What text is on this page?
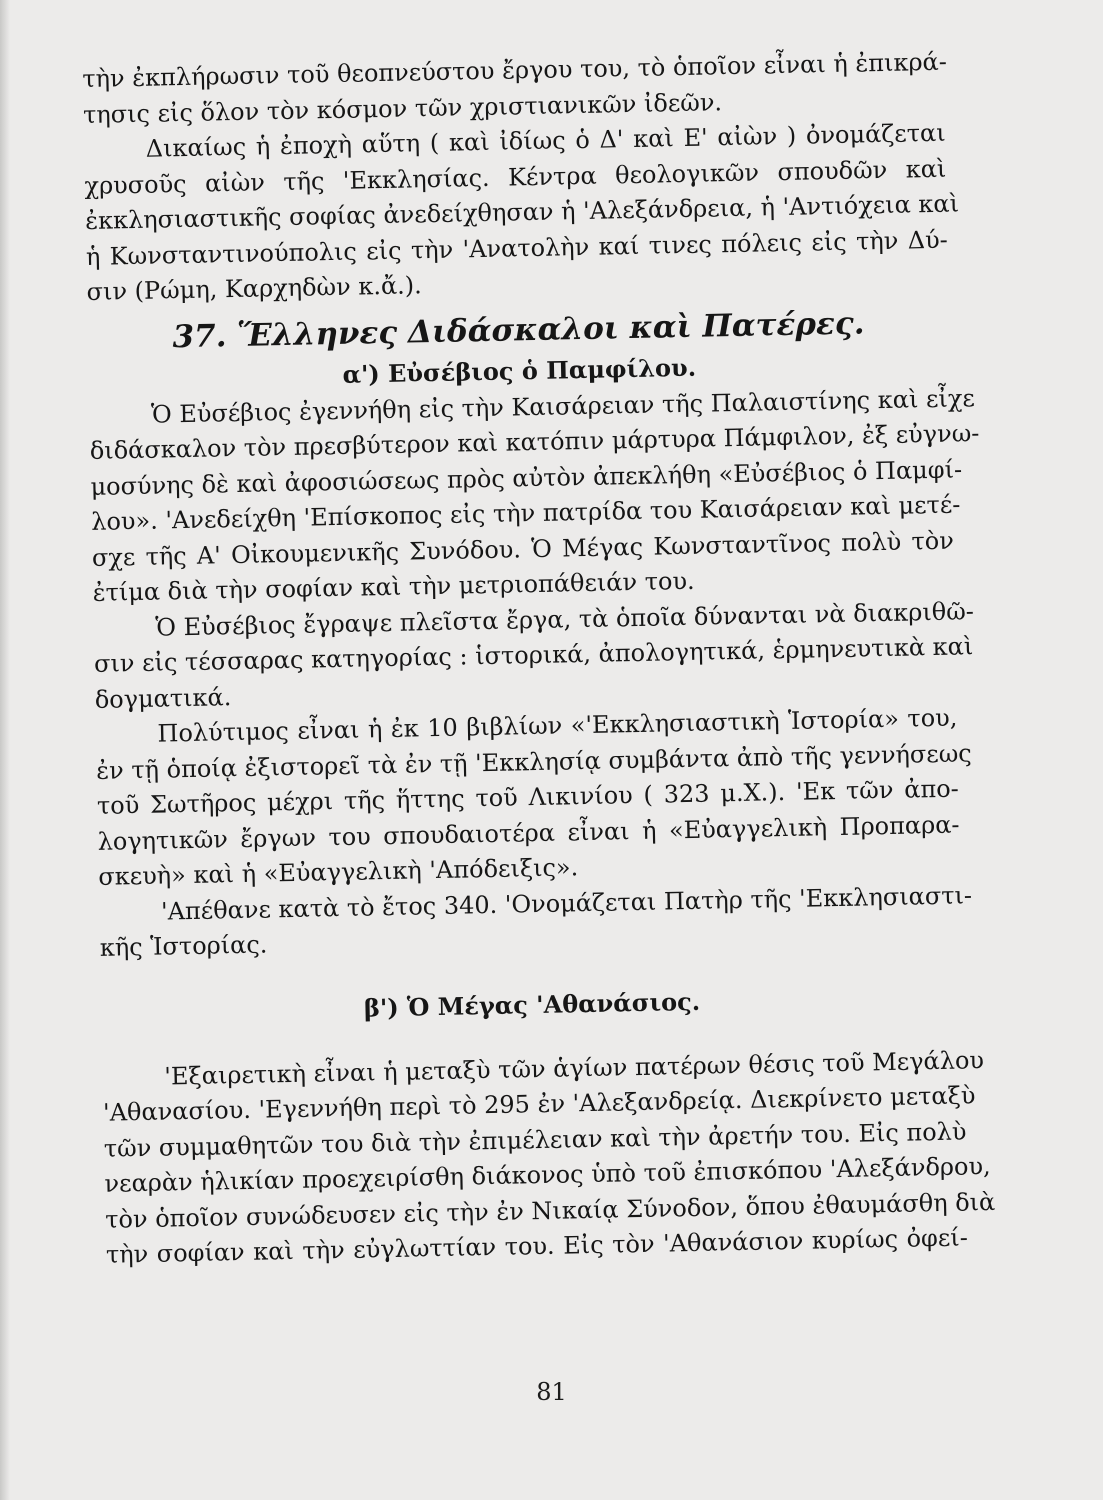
τὴν ἐκπλήρωσιν τοῦ θεοπνεύστου ἔργου του, τὸ ὁποῖον εἶναι ἡ ἐπικρά-
τησις εἰς ὅλον τὸν κόσμον τῶν χριστιανικῶν ἰδεῶν.
Δικαίως ἡ ἐποχὴ αὕτη ( καὶ ἰδίως ὁ Δ' καὶ Ε' αἰὼν ) ὀνομάζεται
χρυσοῦς αἰὼν τῆς 'Εκκλησίας. Κέντρα θεολογικῶν σπουδῶν καὶ
ἐκκλησιαστικῆς σοφίας ἀνεδείχθησαν ἡ 'Αλεξάνδρεια, ἡ 'Αντιόχεια καὶ
ἡ Κωνσταντινούπολις εἰς τὴν 'Ανατολὴν καί τινες πόλεις εἰς τὴν Δύ-
σιν (Ρώμη, Καρχηδὼν κ.ἄ.).
37. Ἕλληνες Διδάσκαλοι καὶ Πατέρες.
α') Εὐσέβιος ὁ Παμφίλου.
Ὁ Εὐσέβιος ἐγεννήθη εἰς τὴν Καισάρειαν τῆς Παλαιστίνης καὶ εἶχε
διδάσκαλον τὸν πρεσβύτερον καὶ κατόπιν μάρτυρα Πάμφιλον, ἐξ εὐγνω-
μοσύνης δὲ καὶ ἀφοσιώσεως πρὸς αὐτὸν ἀπεκλήθη «Εὐσέβιος ὁ Παμφί-
λου». 'Ανεδείχθη 'Επίσκοπος εἰς τὴν πατρίδα του Καισάρειαν καὶ μετέ-
σχε τῆς Α' Οἰκουμενικῆς Συνόδου. Ὁ Μέγας Κωνσταντῖνος πολὺ τὸν
ἐτίμα διὰ τὴν σοφίαν καὶ τὴν μετριοπάθειάν του.
Ὁ Εὐσέβιος ἔγραψε πλεῖστα ἔργα, τὰ ὁποῖα δύνανται νὰ διακριθῶ-
σιν εἰς τέσσαρας κατηγορίας : ἱστορικά, ἀπολογητικά, ἑρμηνευτικὰ καὶ
δογματικά.
Πολύτιμος εἶναι ἡ ἐκ 10 βιβλίων «'Εκκλησιαστικὴ Ἱστορία» του,
ἐν τῇ ὁποίᾳ ἐξιστορεῖ τὰ ἐν τῇ 'Εκκλησίᾳ συμβάντα ἀπὸ τῆς γεννήσεως
τοῦ Σωτῆρος μέχρι τῆς ἥττης τοῦ Λικινίου ( 323 μ.Χ.). 'Εκ τῶν ἀπο-
λογητικῶν ἔργων του σπουδαιοτέρα εἶναι ἡ «Εὐαγγελικὴ Προπαρα-
σκευὴ» καὶ ἡ «Εὐαγγελικὴ 'Απόδειξις».
'Απέθανε κατὰ τὸ ἔτος 340. 'Ονομάζεται Πατὴρ τῆς 'Εκκλησιαστι-
κῆς Ἱστορίας.
β') Ὁ Μέγας 'Αθανάσιος.
'Εξαιρετικὴ εἶναι ἡ μεταξὺ τῶν ἁγίων πατέρων θέσις τοῦ Μεγάλου
'Αθανασίου. 'Εγεννήθη περὶ τὸ 295 ἐν 'Αλεξανδρείᾳ. Διεκρίνετο μεταξὺ
τῶν συμμαθητῶν του διὰ τὴν ἐπιμέλειαν καὶ τὴν ἀρετήν του. Εἰς πολὺ
νεαρὰν ἡλικίαν προεχειρίσθη διάκονος ὑπὸ τοῦ ἐπισκόπου 'Αλεξάνδρου,
τὸν ὁποῖον συνώδευσεν εἰς τὴν ἐν Νικαίᾳ Σύνοδον, ὅπου ἐθαυμάσθη διὰ
τὴν σοφίαν καὶ τὴν εὐγλωττίαν του. Εἰς τὸν 'Αθανάσιον κυρίως ὀφεί-
81
